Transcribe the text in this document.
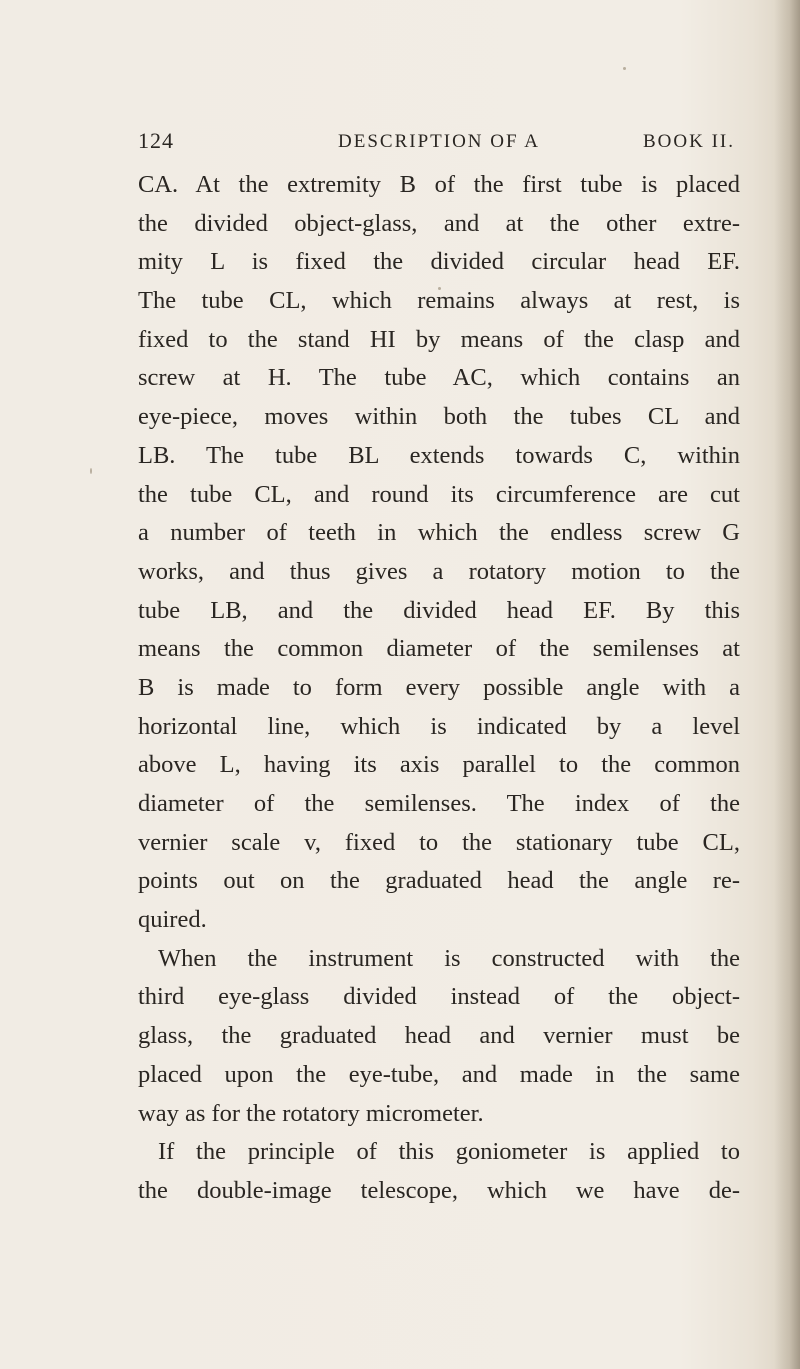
124	DESCRIPTION OF A	BOOK II.
CA. At the extremity B of the first tube is placed
the divided object-glass, and at the other extre-
mity L is fixed the divided circular head EF.
The tube CL, which remains always at rest, is
fixed to the stand HI by means of the clasp and
screw at H. The tube AC, which contains an
eye-piece, moves within both the tubes CL and
LB. The tube BL extends towards C, within
the tube CL, and round its circumference are cut
a number of teeth in which the endless screw G
works, and thus gives a rotatory motion to the
tube LB, and the divided head EF. By this
means the common diameter of the semilenses at
B is made to form every possible angle with a
horizontal line, which is indicated by a level
above L, having its axis parallel to the common
diameter of the semilenses. The index of the
vernier scale v, fixed to the stationary tube CL,
points out on the graduated head the angle re-
quired.
When the instrument is constructed with the
third eye-glass divided instead of the object-
glass, the graduated head and vernier must be
placed upon the eye-tube, and made in the same
way as for the rotatory micrometer.
If the principle of this goniometer is applied to
the double-image telescope, which we have de-
